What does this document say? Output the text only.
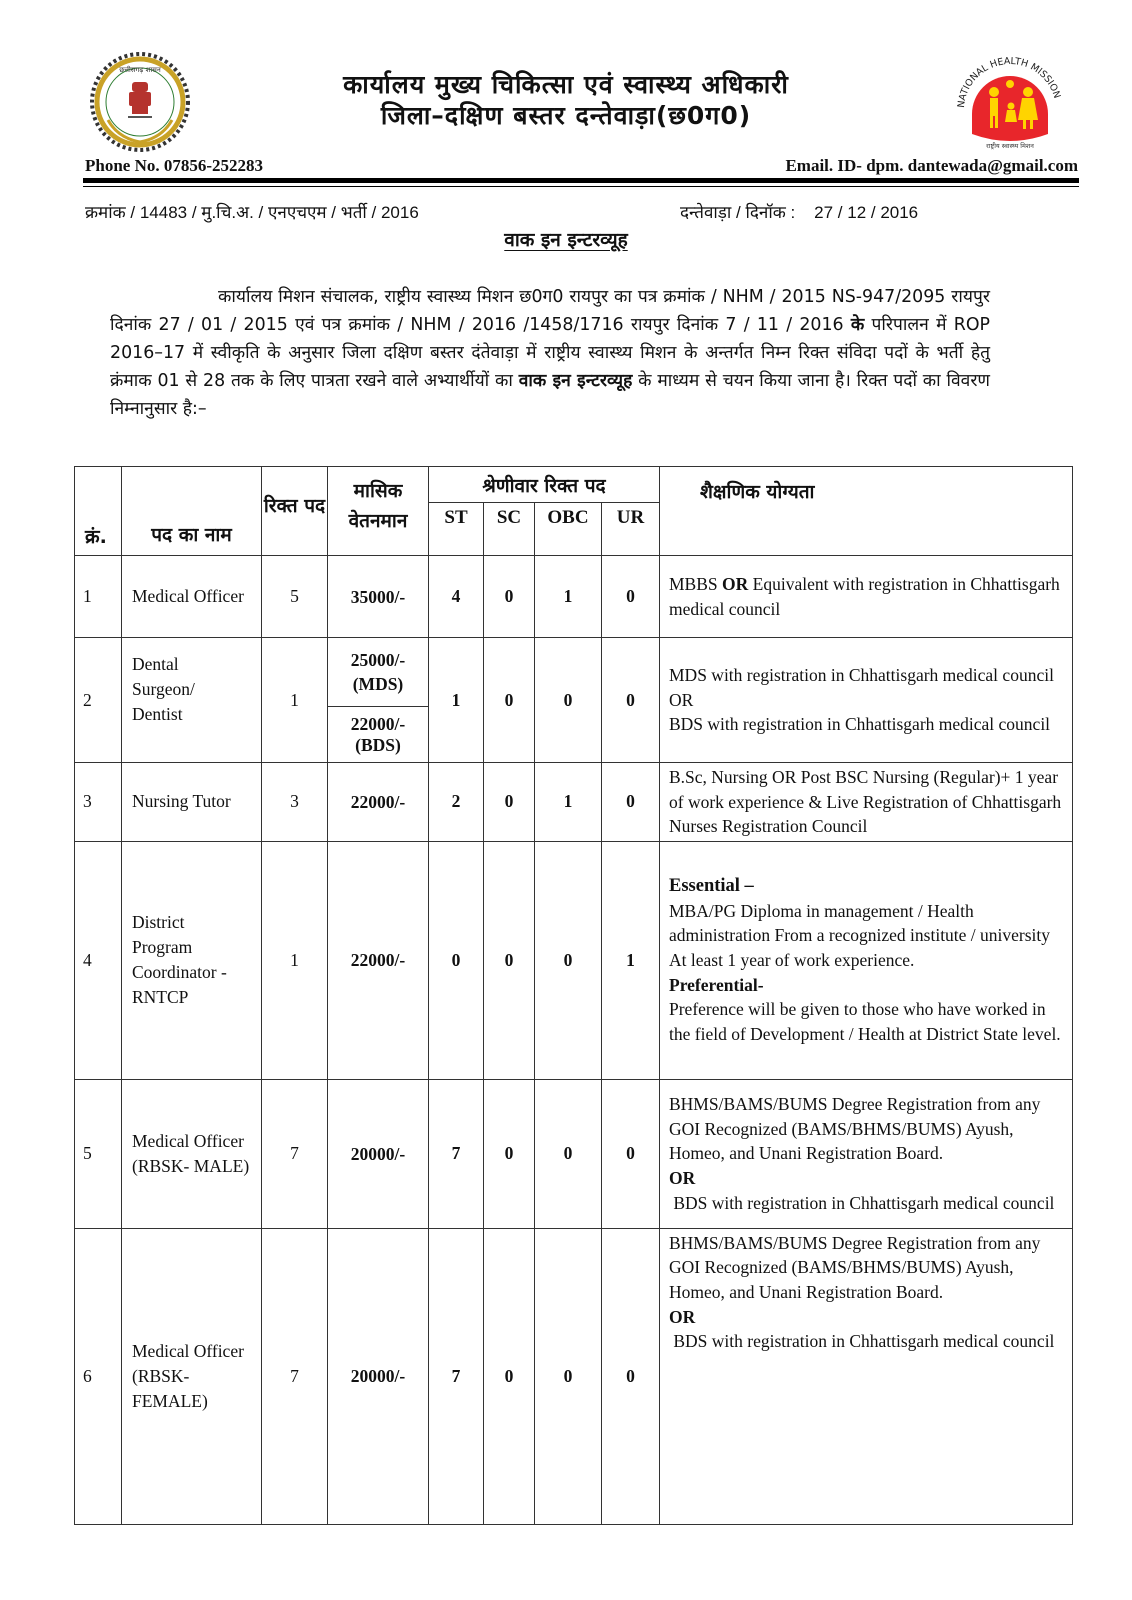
छत्तीसगढ़ शासन	कार्यालय मुख्य चिकित्सा एवं स्वास्थ्य अधिकारी
जिला–दक्षिण बस्तर दन्तेवाड़ा(छ0ग0)	NATIONAL HEALTH MISSION
राष्ट्रीय स्वास्थ्य मिशन
Phone No. 07856-252283	Email. ID- dpm. dantewada@gmail.com
क्रमांक / 14483 / मु.चि.अ. / एनएचएम / भर्ती / 2016	दन्तेवाड़ा / दिनॉक : 27 / 12 / 2016
वाक इन इन्टरव्यूह
कार्यालय मिशन संचालक, राष्ट्रीय स्वास्थ्य मिशन छ0ग0 रायपुर का पत्र क्रमांक / NHM / 2015 NS-947/2095 रायपुर दिनांक 27 / 01 / 2015 एवं पत्र क्रमांक / NHM / 2016 /1458/1716 रायपुर दिनांक 7 / 11 / 2016 के परिपालन में ROP 2016–17 में स्वीकृति के अनुसार जिला दक्षिण बस्तर दंतेवाड़ा में राष्ट्रीय स्वास्थ्य मिशन के अन्तर्गत निम्न रिक्त संविदा पदों के भर्ती हेतु क्रंमाक 01 से 28 तक के लिए पात्रता रखने वाले अभ्यार्थीयों का वाक इन इन्टरव्यूह के माध्यम से चयन किया जाना है। रिक्त पदों का विवरण निम्नानुसार है:–
क्रं.	पद का नाम	रिक्त पद	मासिक वेतनमान	श्रेणीवार रिक्त पद				शैक्षणिक योग्यता
				ST	SC	OBC	UR	
1	Medical Officer	5	35000/-	4	0	1	0	MBBS OR Equivalent with registration in Chhattisgarh medical council
2	Dental Surgeon/ Dentist	1	25000/- (MDS)	1	0	0	0	MDS with registration in Chhattisgarh medical council
OR
BDS with registration in Chhattisgarh medical council

			22000/- (BDS)					
3	Nursing Tutor	3	22000/-	2	0	1	0	B.Sc, Nursing OR Post BSC Nursing (Regular)+ 1 year of work experience & Live Registration of Chhattisgarh Nurses Registration Council
4	District Program Coordinator - RNTCP	1	22000/-	0	0	0	1	Essential –
MBA/PG Diploma in management / Health administration From a recognized institute / university
At least 1 year of work experience.
Preferential-
Preference will be given to those who have worked in the field of Development / Health at District State level.

5	Medical Officer (RBSK- MALE)	7	20000/-	7	0	0	0	BHMS/BAMS/BUMS Degree Registration from any GOI Recognized (BAMS/BHMS/BUMS) Ayush, Homeo, and Unani Registration Board.
OR
BDS with registration in Chhattisgarh medical council

6	Medical Officer (RBSK- FEMALE)	7	20000/-	7	0	0	0	BHMS/BAMS/BUMS Degree Registration from any GOI Recognized (BAMS/BHMS/BUMS) Ayush, Homeo, and Unani Registration Board.
OR
BDS with registration in Chhattisgarh medical council
